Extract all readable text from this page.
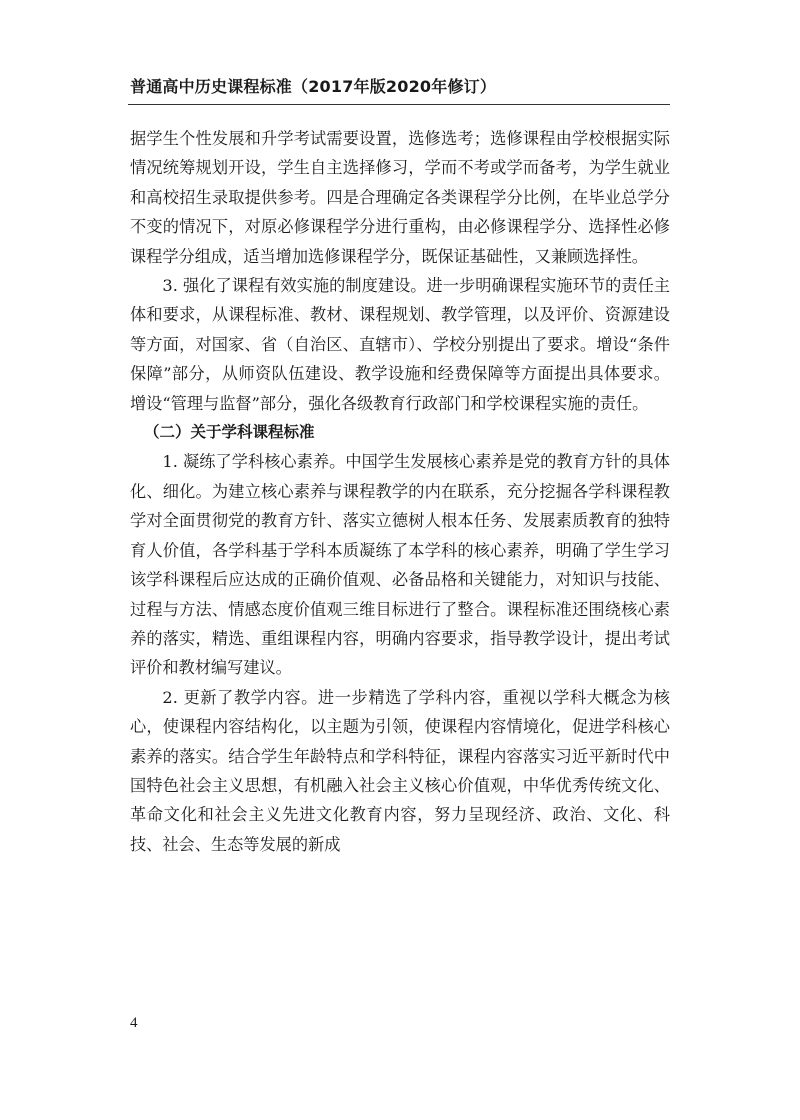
普通高中历史课程标准（2017年版2020年修订）

据学生个性发展和升学考试需要设置，选修选考；选修课程由学校根据实际情况统筹规划开设，学生自主选择修习，学而不考或学而备考，为学生就业和高校招生录取提供参考。四是合理确定各类课程学分比例，在毕业总学分不变的情况下，对原必修课程学分进行重构，由必修课程学分、选择性必修课程学分组成，适当增加选修课程学分，既保证基础性，又兼顾选择性。

3. 强化了课程有效实施的制度建设。进一步明确课程实施环节的责任主体和要求，从课程标准、教材、课程规划、教学管理，以及评价、资源建设等方面，对国家、省（自治区、直辖市）、学校分别提出了要求。增设“条件保障”部分，从师资队伍建设、教学设施和经费保障等方面提出具体要求。增设“管理与监督”部分，强化各级教育行政部门和学校课程实施的责任。

（二）关于学科课程标准

1. 凝练了学科核心素养。中国学生发展核心素养是党的教育方针的具体化、细化。为建立核心素养与课程教学的内在联系，充分挖掘各学科课程教学对全面贯彻党的教育方针、落实立德树人根本任务、发展素质教育的独特育人价值，各学科基于学科本质凝练了本学科的核心素养，明确了学生学习该学科课程后应达成的正确价值观、必备品格和关键能力，对知识与技能、过程与方法、情感态度价值观三维目标进行了整合。课程标准还围绕核心素养的落实，精选、重组课程内容，明确内容要求，指导教学设计，提出考试评价和教材编写建议。

2. 更新了教学内容。进一步精选了学科内容，重视以学科大概念为核心，使课程内容结构化，以主题为引领，使课程内容情境化，促进学科核心素养的落实。结合学生年龄特点和学科特征，课程内容落实习近平新时代中国特色社会主义思想，有机融入社会主义核心价值观，中华优秀传统文化、革命文化和社会主义先进文化教育内容，努力呈现经济、政治、文化、科技、社会、生态等发展的新成

4
